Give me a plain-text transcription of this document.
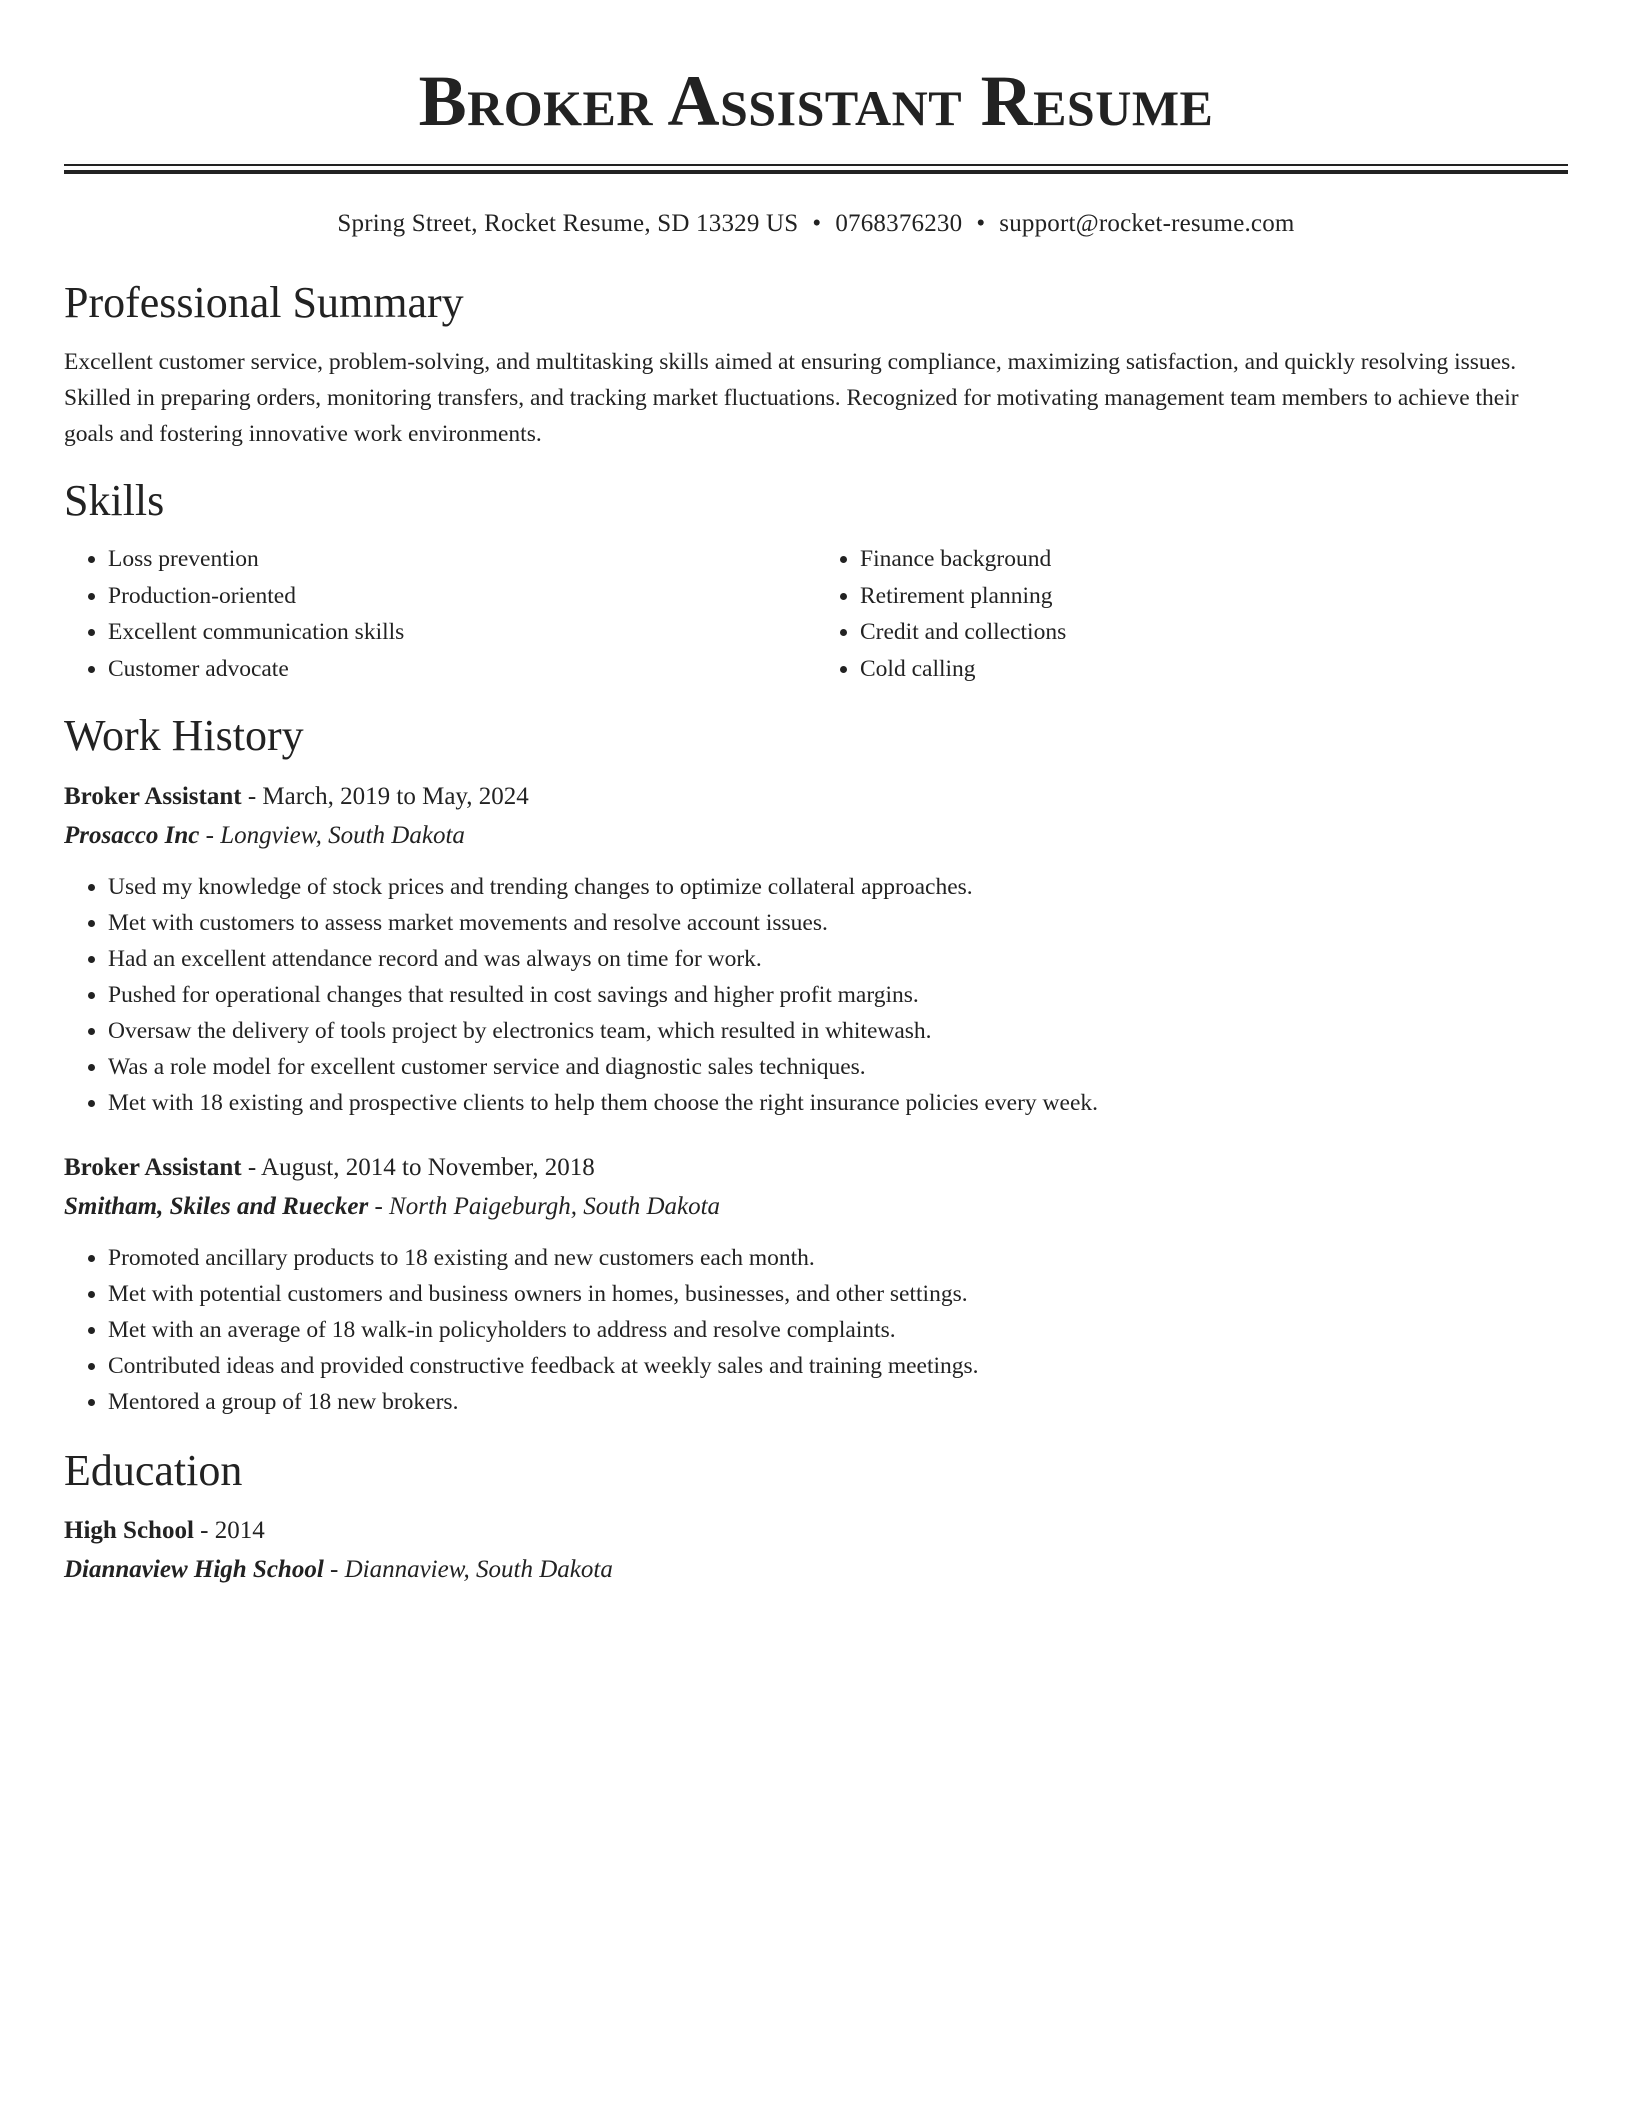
Broker Assistant Resume
Spring Street, Rocket Resume, SD 13329 US • 0768376230 • support@rocket-resume.com
Professional Summary

Excellent customer service, problem-solving, and multitasking skills aimed at ensuring compliance, maximizing satisfaction, and quickly resolving issues. Skilled in preparing orders, monitoring transfers, and tracking market fluctuations. Recognized for motivating management team members to achieve their goals and fostering innovative work environments.

Skills
• Loss prevention
• Production-oriented
• Excellent communication skills
• Customer advocate
• Finance background
• Retirement planning
• Credit and collections
• Cold calling
Work History
Broker Assistant - March, 2019 to May, 2024
Prosacco Inc - Longview, South Dakota
• Used my knowledge of stock prices and trending changes to optimize collateral approaches.
• Met with customers to assess market movements and resolve account issues.
• Had an excellent attendance record and was always on time for work.
• Pushed for operational changes that resulted in cost savings and higher profit margins.
• Oversaw the delivery of tools project by electronics team, which resulted in whitewash.
• Was a role model for excellent customer service and diagnostic sales techniques.
• Met with 18 existing and prospective clients to help them choose the right insurance policies every week.
Broker Assistant - August, 2014 to November, 2018
Smitham, Skiles and Ruecker - North Paigeburgh, South Dakota
• Promoted ancillary products to 18 existing and new customers each month.
• Met with potential customers and business owners in homes, businesses, and other settings.
• Met with an average of 18 walk-in policyholders to address and resolve complaints.
• Contributed ideas and provided constructive feedback at weekly sales and training meetings.
• Mentored a group of 18 new brokers.
Education
High School - 2014
Diannaview High School - Diannaview, South Dakota
